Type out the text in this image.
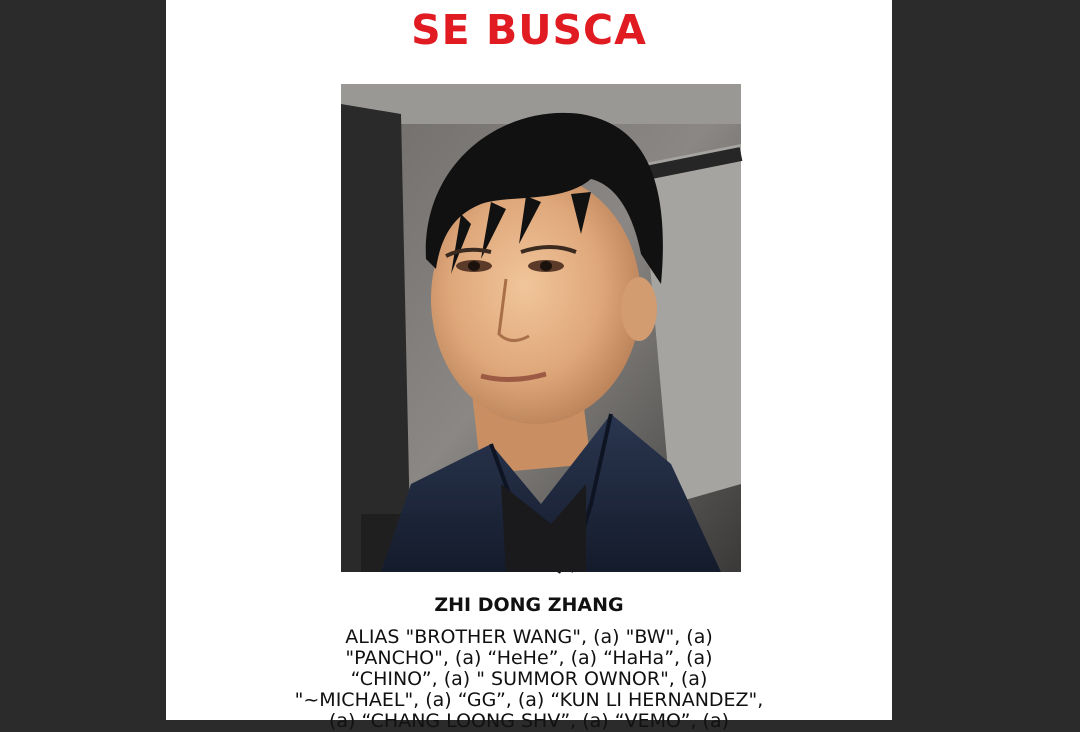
SE BUSCA
ZHI DONG ZHANG
ALIAS "BROTHER WANG", (a) "BW", (a)
"PANCHO", (a) “HeHe”, (a) “HaHa”, (a)
“CHINO”, (a) " SUMMOR OWNOR", (a)
"~MICHAEL", (a) “GG”, (a) “KUN LI HERNANDEZ",
(a) “CHANG LOONG SHV”, (a) “VEMO”, (a)
